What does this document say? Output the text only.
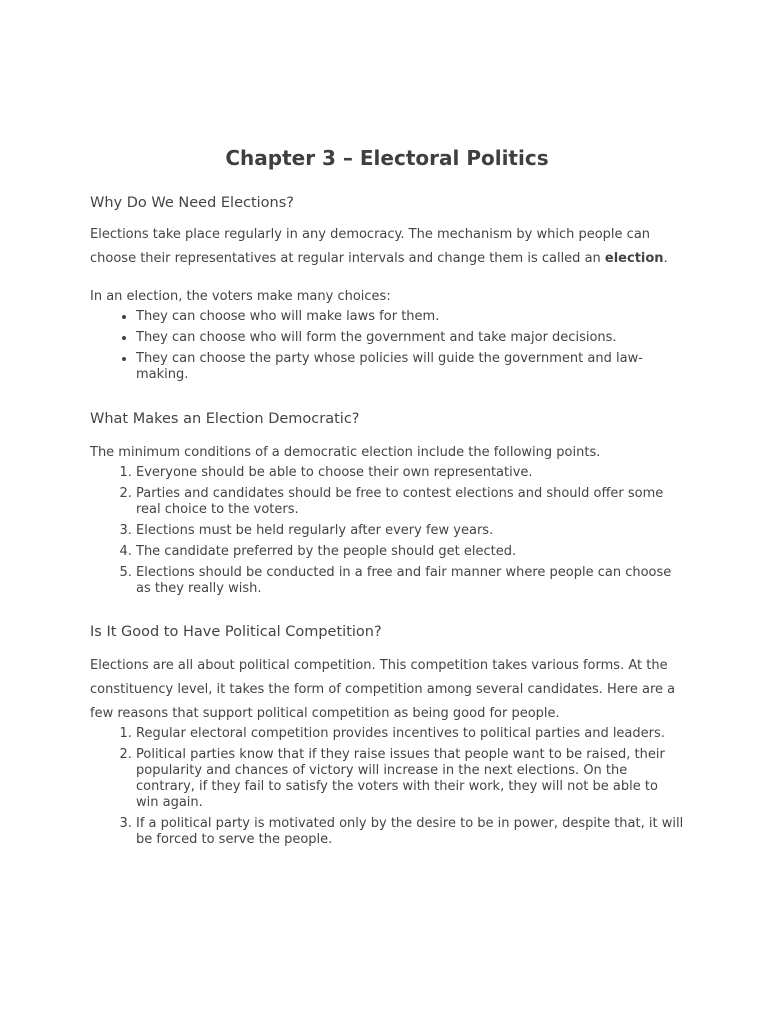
Chapter 3 – Electoral Politics
Why Do We Need Elections?

Elections take place regularly in any democracy. The mechanism by which people can choose their representatives at regular intervals and change them is called an election.

In an election, the voters make many choices:

• They can choose who will make laws for them.
• They can choose who will form the government and take major decisions.
• They can choose the party whose policies will guide the government and law-making.
What Makes an Election Democratic?

The minimum conditions of a democratic election include the following points.

1. Everyone should be able to choose their own representative.
2. Parties and candidates should be free to contest elections and should offer some real choice to the voters.
3. Elections must be held regularly after every few years.
4. The candidate preferred by the people should get elected.
5. Elections should be conducted in a free and fair manner where people can choose as they really wish.
Is It Good to Have Political Competition?

Elections are all about political competition. This competition takes various forms. At the constituency level, it takes the form of competition among several candidates. Here are a few reasons that support political competition as being good for people.

1. Regular electoral competition provides incentives to political parties and leaders.
2. Political parties know that if they raise issues that people want to be raised, their popularity and chances of victory will increase in the next elections. On the contrary, if they fail to satisfy the voters with their work, they will not be able to win again.
3. If a political party is motivated only by the desire to be in power, despite that, it will be forced to serve the people.
